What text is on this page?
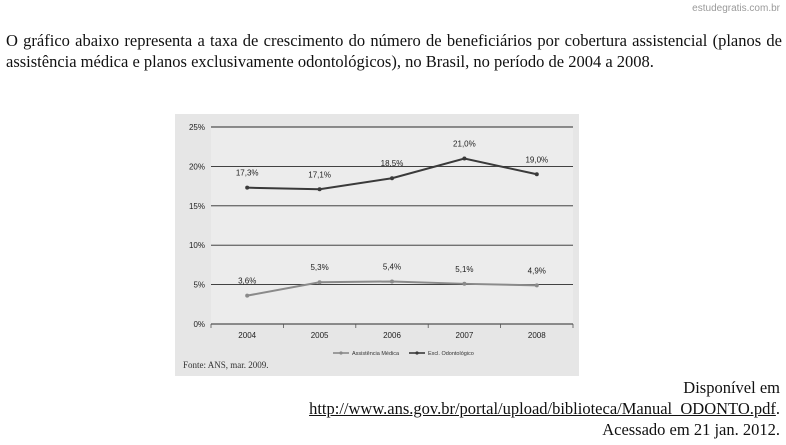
estudegratis.com.br

O gráfico abaixo representa a taxa de crescimento do número de beneficiários por cobertura assistencial (planos de assistência médica e planos exclusivamente odontológicos), no Brasil, no período de 2004 a 2008.

0%
5%
10%
15%
20%
25%
2004	2005	2006	2007	2008
3,6%
5,3%	5,4%	5,1%	4,9%
17,3%	17,1%
18,5%
21,0%
19,0%
Assistência Médica	Excl. Odontológico
Fonte: ANS, mar. 2009.
Disponível em
http://www.ans.gov.br/portal/upload/biblioteca/Manual_ODONTO.pdf.
Acessado em 21 jan. 2012.
